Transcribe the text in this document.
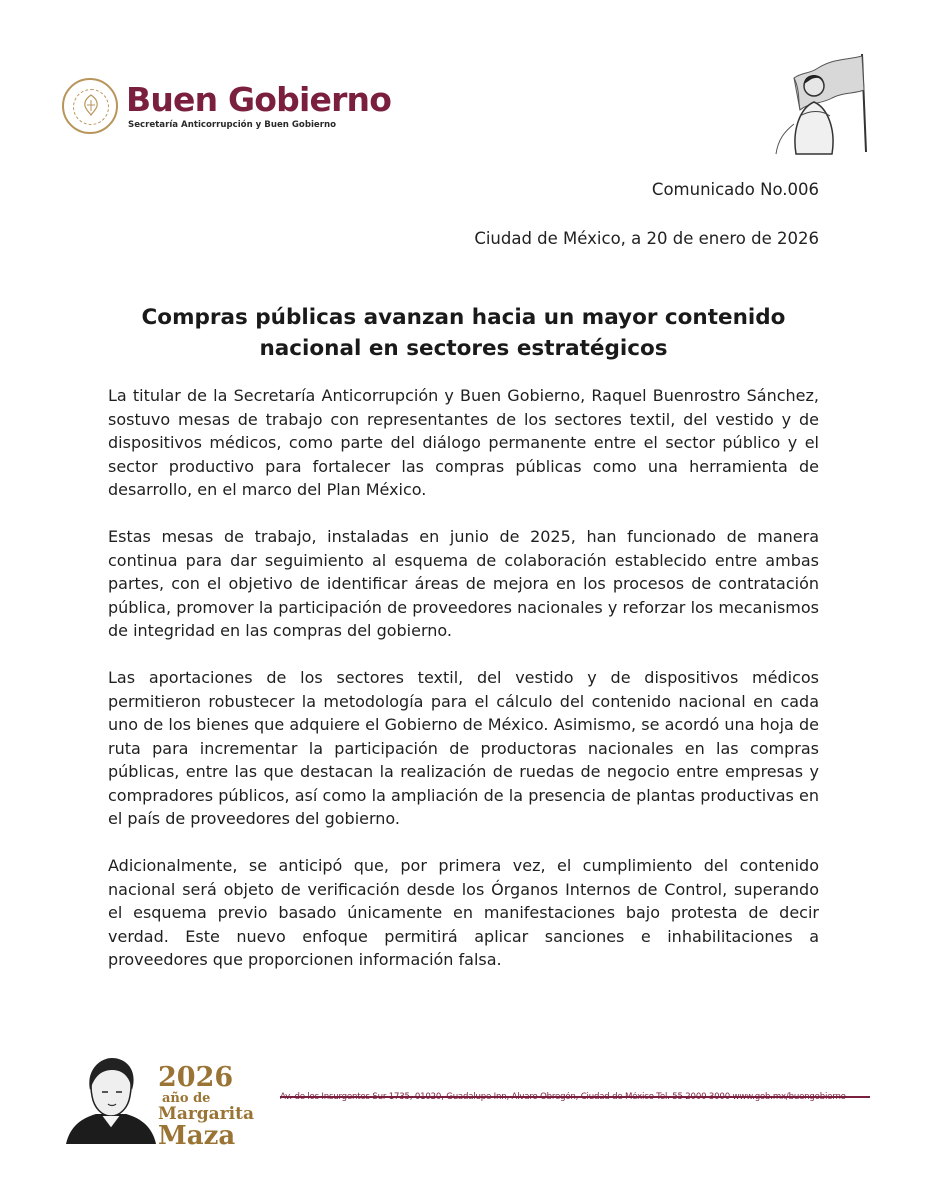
Buen Gobierno
Secretaría Anticorrupción y Buen Gobierno
Comunicado No.006
Ciudad de México, a 20 de enero de 2026
Compras públicas avanzan hacia un mayor contenido nacional en sectores estratégicos

La titular de la Secretaría Anticorrupción y Buen Gobierno, Raquel Buenrostro Sánchez, sostuvo mesas de trabajo con representantes de los sectores textil, del vestido y de dispositivos médicos, como parte del diálogo permanente entre el sector público y el sector productivo para fortalecer las compras públicas como una herramienta de desarrollo, en el marco del Plan México.

Estas mesas de trabajo, instaladas en junio de 2025, han funcionado de manera continua para dar seguimiento al esquema de colaboración establecido entre ambas partes, con el objetivo de identificar áreas de mejora en los procesos de contratación pública, promover la participación de proveedores nacionales y reforzar los mecanismos de integridad en las compras del gobierno.

Las aportaciones de los sectores textil, del vestido y de dispositivos médicos permitieron robustecer la metodología para el cálculo del contenido nacional en cada uno de los bienes que adquiere el Gobierno de México. Asimismo, se acordó una hoja de ruta para incrementar la participación de productoras nacionales en las compras públicas, entre las que destacan la realización de ruedas de negocio entre empresas y compradores públicos, así como la ampliación de la presencia de plantas productivas en el país de proveedores del gobierno.

Adicionalmente, se anticipó que, por primera vez, el cumplimiento del contenido nacional será objeto de verificación desde los Órganos Internos de Control, superando el esquema previo basado únicamente en manifestaciones bajo protesta de decir verdad. Este nuevo enfoque permitirá aplicar sanciones e inhabilitaciones a proveedores que proporcionen información falsa.

2026
año de
Margarita
Maza
Av. de los Insurgentes Sur 1735, 01020, Guadalupe Inn, Álvaro Obregón, Ciudad de México Tel. 55 2000 3000 www.gob.mx/buengobierno
